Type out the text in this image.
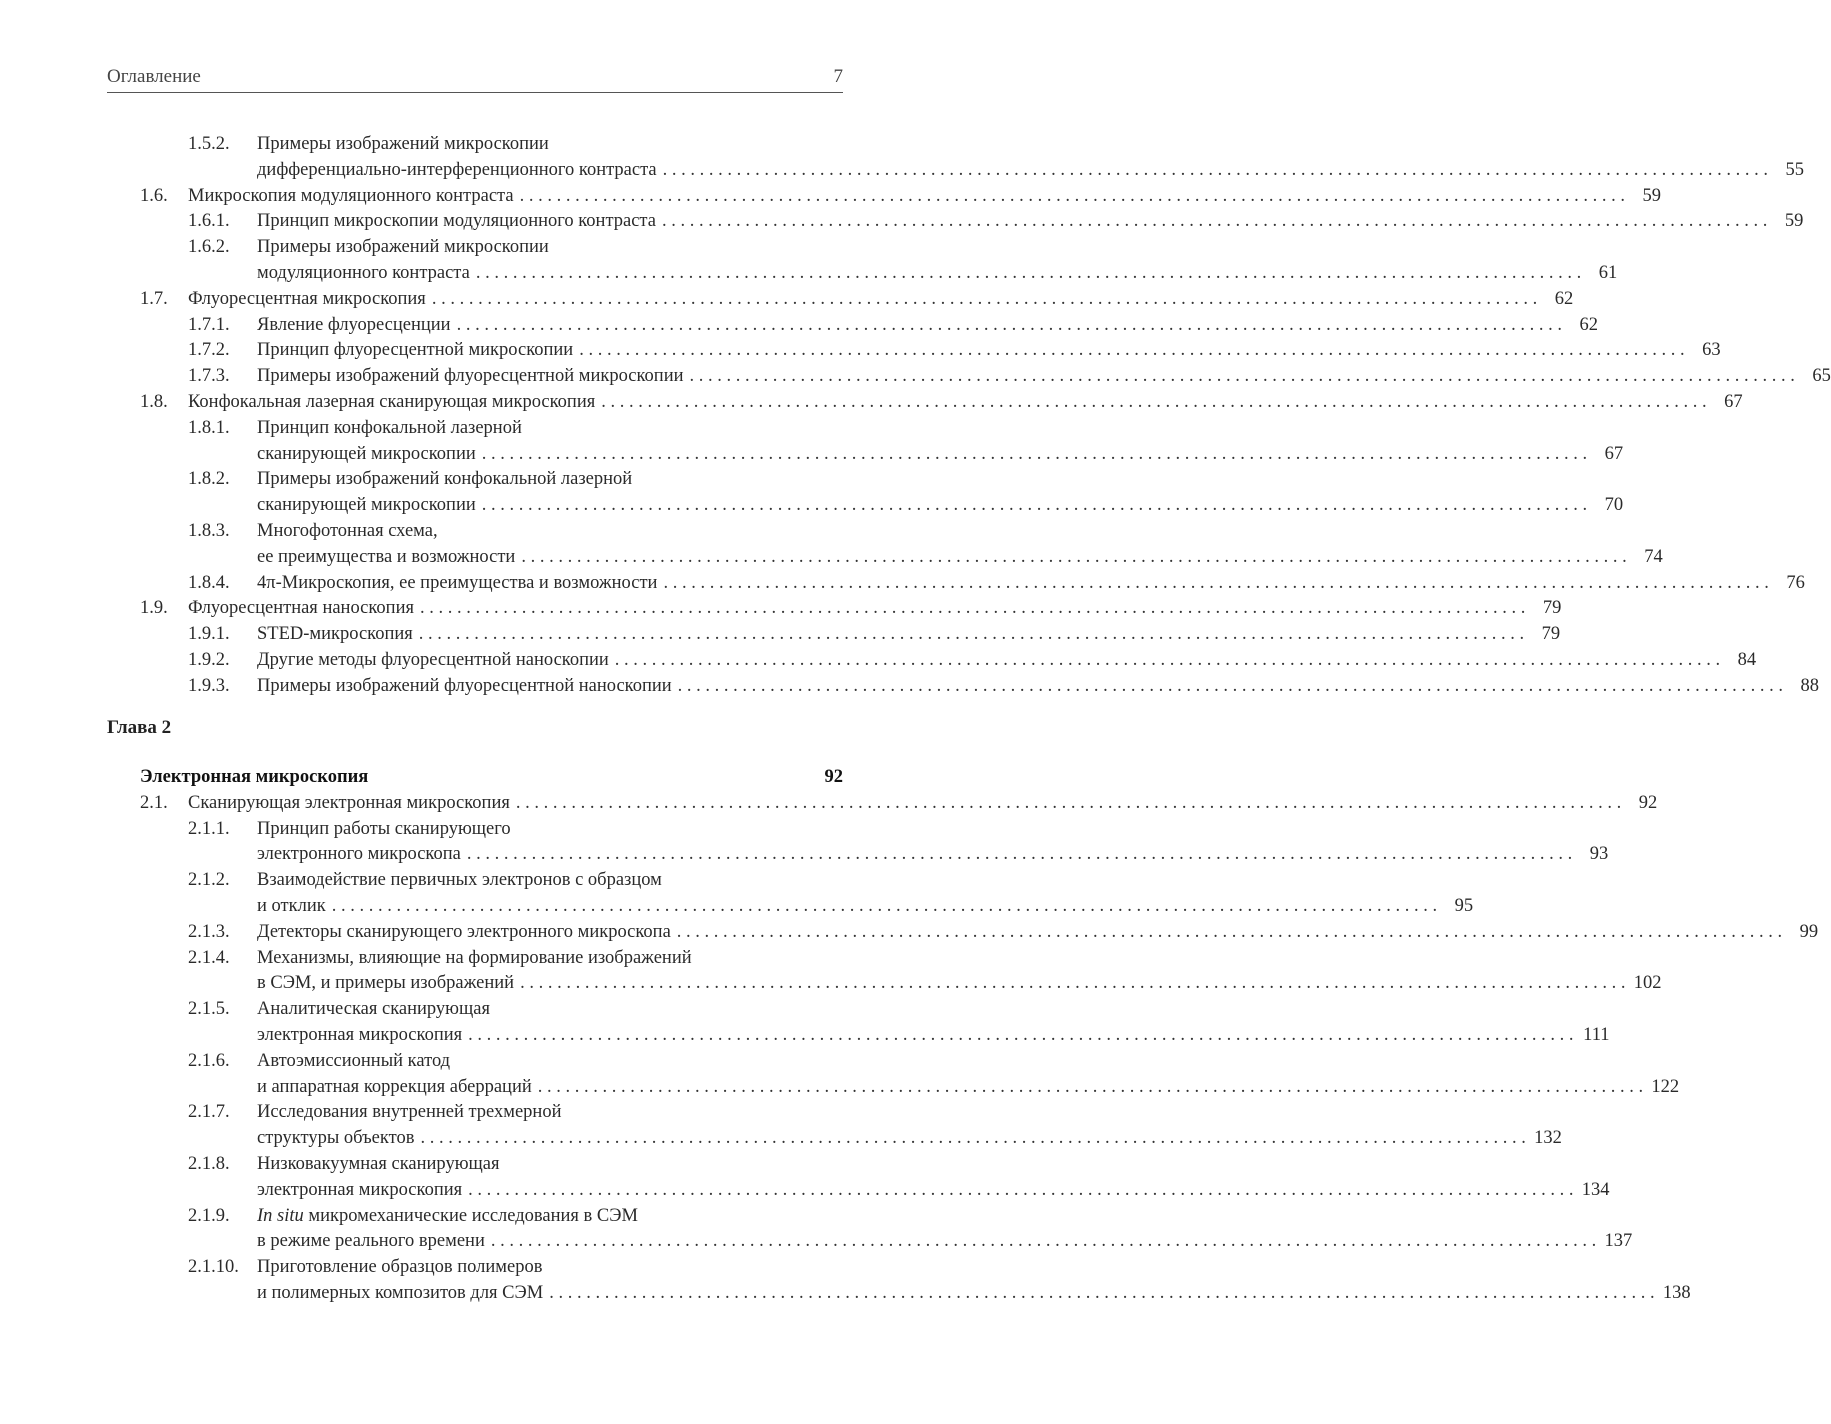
Оглавление	7
1.5.2. Примеры изображений микроскопии
дифференциально-интерференционного контраста . . . . . . . . . . . . . . . . . . . . . . . . . . . . . . . . . . . . . . . . . . . . . . . . . . . . . . . . . . . . . . . . . . . . . . . . . . . . . . . . . . . . . . . . . . . . . . . . . . . . . . . . . . . . . . . . . . . . . . . . 55
1.6. Микроскопия модуляционного контраста . . . . . . . . . . . . . . . . . . . . . . . . . . . . . . . . . . . . . . . . . . . . . . . . . . . . . . . . . . . . . . . . . . . . . . . . . . . . . . . . . . . . . . . . . . . . . . . . . . . . . . . . . . . . . . . . . . . . . . . . 59
1.6.1. Принцип микроскопии модуляционного контраста . . . . . . . . . . . . . . . . . . . . . . . . . . . . . . . . . . . . . . . . . . . . . . . . . . . . . . . . . . . . . . . . . . . . . . . . . . . . . . . . . . . . . . . . . . . . . . . . . . . . . . . . . . . . . . . . . . . . . . . . 59
1.6.2. Примеры изображений микроскопии
модуляционного контраста . . . . . . . . . . . . . . . . . . . . . . . . . . . . . . . . . . . . . . . . . . . . . . . . . . . . . . . . . . . . . . . . . . . . . . . . . . . . . . . . . . . . . . . . . . . . . . . . . . . . . . . . . . . . . . . . . . . . . . . . 61
1.7. Флуоресцентная микроскопия . . . . . . . . . . . . . . . . . . . . . . . . . . . . . . . . . . . . . . . . . . . . . . . . . . . . . . . . . . . . . . . . . . . . . . . . . . . . . . . . . . . . . . . . . . . . . . . . . . . . . . . . . . . . . . . . . . . . . . . . 62
1.7.1. Явление флуоресценции . . . . . . . . . . . . . . . . . . . . . . . . . . . . . . . . . . . . . . . . . . . . . . . . . . . . . . . . . . . . . . . . . . . . . . . . . . . . . . . . . . . . . . . . . . . . . . . . . . . . . . . . . . . . . . . . . . . . . . . . 62
1.7.2. Принцип флуоресцентной микроскопии . . . . . . . . . . . . . . . . . . . . . . . . . . . . . . . . . . . . . . . . . . . . . . . . . . . . . . . . . . . . . . . . . . . . . . . . . . . . . . . . . . . . . . . . . . . . . . . . . . . . . . . . . . . . . . . . . . . . . . . . 63
1.7.3. Примеры изображений флуоресцентной микроскопии . . . . . . . . . . . . . . . . . . . . . . . . . . . . . . . . . . . . . . . . . . . . . . . . . . . . . . . . . . . . . . . . . . . . . . . . . . . . . . . . . . . . . . . . . . . . . . . . . . . . . . . . . . . . . . . . . . . . . . . . 65
1.8. Конфокальная лазерная сканирующая микроскопия . . . . . . . . . . . . . . . . . . . . . . . . . . . . . . . . . . . . . . . . . . . . . . . . . . . . . . . . . . . . . . . . . . . . . . . . . . . . . . . . . . . . . . . . . . . . . . . . . . . . . . . . . . . . . . . . . . . . . . . . 67
1.8.1. Принцип конфокальной лазерной
сканирующей микроскопии . . . . . . . . . . . . . . . . . . . . . . . . . . . . . . . . . . . . . . . . . . . . . . . . . . . . . . . . . . . . . . . . . . . . . . . . . . . . . . . . . . . . . . . . . . . . . . . . . . . . . . . . . . . . . . . . . . . . . . . . 67
1.8.2. Примеры изображений конфокальной лазерной
сканирующей микроскопии . . . . . . . . . . . . . . . . . . . . . . . . . . . . . . . . . . . . . . . . . . . . . . . . . . . . . . . . . . . . . . . . . . . . . . . . . . . . . . . . . . . . . . . . . . . . . . . . . . . . . . . . . . . . . . . . . . . . . . . . 70
1.8.3. Многофотонная схема,
ее преимущества и возможности . . . . . . . . . . . . . . . . . . . . . . . . . . . . . . . . . . . . . . . . . . . . . . . . . . . . . . . . . . . . . . . . . . . . . . . . . . . . . . . . . . . . . . . . . . . . . . . . . . . . . . . . . . . . . . . . . . . . . . . . 74
1.8.4. 4π-Микроскопия, ее преимущества и возможности . . . . . . . . . . . . . . . . . . . . . . . . . . . . . . . . . . . . . . . . . . . . . . . . . . . . . . . . . . . . . . . . . . . . . . . . . . . . . . . . . . . . . . . . . . . . . . . . . . . . . . . . . . . . . . . . . . . . . . . . 76
1.9. Флуоресцентная наноскопия . . . . . . . . . . . . . . . . . . . . . . . . . . . . . . . . . . . . . . . . . . . . . . . . . . . . . . . . . . . . . . . . . . . . . . . . . . . . . . . . . . . . . . . . . . . . . . . . . . . . . . . . . . . . . . . . . . . . . . . . 79
1.9.1. STED-микроскопия . . . . . . . . . . . . . . . . . . . . . . . . . . . . . . . . . . . . . . . . . . . . . . . . . . . . . . . . . . . . . . . . . . . . . . . . . . . . . . . . . . . . . . . . . . . . . . . . . . . . . . . . . . . . . . . . . . . . . . . . 79
1.9.2. Другие методы флуоресцентной наноскопии . . . . . . . . . . . . . . . . . . . . . . . . . . . . . . . . . . . . . . . . . . . . . . . . . . . . . . . . . . . . . . . . . . . . . . . . . . . . . . . . . . . . . . . . . . . . . . . . . . . . . . . . . . . . . . . . . . . . . . . . 84
1.9.3. Примеры изображений флуоресцентной наноскопии . . . . . . . . . . . . . . . . . . . . . . . . . . . . . . . . . . . . . . . . . . . . . . . . . . . . . . . . . . . . . . . . . . . . . . . . . . . . . . . . . . . . . . . . . . . . . . . . . . . . . . . . . . . . . . . . . . . . . . . . 88
Глава 2
Электронная микроскопия	92
2.1. Сканирующая электронная микроскопия . . . . . . . . . . . . . . . . . . . . . . . . . . . . . . . . . . . . . . . . . . . . . . . . . . . . . . . . . . . . . . . . . . . . . . . . . . . . . . . . . . . . . . . . . . . . . . . . . . . . . . . . . . . . . . . . . . . . . . . . 92
2.1.1. Принцип работы сканирующего
электронного микроскопа . . . . . . . . . . . . . . . . . . . . . . . . . . . . . . . . . . . . . . . . . . . . . . . . . . . . . . . . . . . . . . . . . . . . . . . . . . . . . . . . . . . . . . . . . . . . . . . . . . . . . . . . . . . . . . . . . . . . . . . . 93
2.1.2. Взаимодействие первичных электронов с образцом
и отклик . . . . . . . . . . . . . . . . . . . . . . . . . . . . . . . . . . . . . . . . . . . . . . . . . . . . . . . . . . . . . . . . . . . . . . . . . . . . . . . . . . . . . . . . . . . . . . . . . . . . . . . . . . . . . . . . . . . . . . . . 95
2.1.3. Детекторы сканирующего электронного микроскопа . . . . . . . . . . . . . . . . . . . . . . . . . . . . . . . . . . . . . . . . . . . . . . . . . . . . . . . . . . . . . . . . . . . . . . . . . . . . . . . . . . . . . . . . . . . . . . . . . . . . . . . . . . . . . . . . . . . . . . . . 99
2.1.4. Механизмы, влияющие на формирование изображений
в СЭМ, и примеры изображений . . . . . . . . . . . . . . . . . . . . . . . . . . . . . . . . . . . . . . . . . . . . . . . . . . . . . . . . . . . . . . . . . . . . . . . . . . . . . . . . . . . . . . . . . . . . . . . . . . . . . . . . . . . . . . . . . . . . . . . . 102
2.1.5. Аналитическая сканирующая
электронная микроскопия . . . . . . . . . . . . . . . . . . . . . . . . . . . . . . . . . . . . . . . . . . . . . . . . . . . . . . . . . . . . . . . . . . . . . . . . . . . . . . . . . . . . . . . . . . . . . . . . . . . . . . . . . . . . . . . . . . . . . . . . 111
2.1.6. Автоэмиссионный катод
и аппаратная коррекция аберраций . . . . . . . . . . . . . . . . . . . . . . . . . . . . . . . . . . . . . . . . . . . . . . . . . . . . . . . . . . . . . . . . . . . . . . . . . . . . . . . . . . . . . . . . . . . . . . . . . . . . . . . . . . . . . . . . . . . . . . . . 122
2.1.7. Исследования внутренней трехмерной
структуры объектов . . . . . . . . . . . . . . . . . . . . . . . . . . . . . . . . . . . . . . . . . . . . . . . . . . . . . . . . . . . . . . . . . . . . . . . . . . . . . . . . . . . . . . . . . . . . . . . . . . . . . . . . . . . . . . . . . . . . . . . . 132
2.1.8. Низковакуумная сканирующая
электронная микроскопия . . . . . . . . . . . . . . . . . . . . . . . . . . . . . . . . . . . . . . . . . . . . . . . . . . . . . . . . . . . . . . . . . . . . . . . . . . . . . . . . . . . . . . . . . . . . . . . . . . . . . . . . . . . . . . . . . . . . . . . . 134
2.1.9. In situ микромеханические исследования в СЭМ
в режиме реального времени . . . . . . . . . . . . . . . . . . . . . . . . . . . . . . . . . . . . . . . . . . . . . . . . . . . . . . . . . . . . . . . . . . . . . . . . . . . . . . . . . . . . . . . . . . . . . . . . . . . . . . . . . . . . . . . . . . . . . . . . 137
2.1.10. Приготовление образцов полимеров
и полимерных композитов для СЭМ . . . . . . . . . . . . . . . . . . . . . . . . . . . . . . . . . . . . . . . . . . . . . . . . . . . . . . . . . . . . . . . . . . . . . . . . . . . . . . . . . . . . . . . . . . . . . . . . . . . . . . . . . . . . . . . . . . . . . . . . 138
